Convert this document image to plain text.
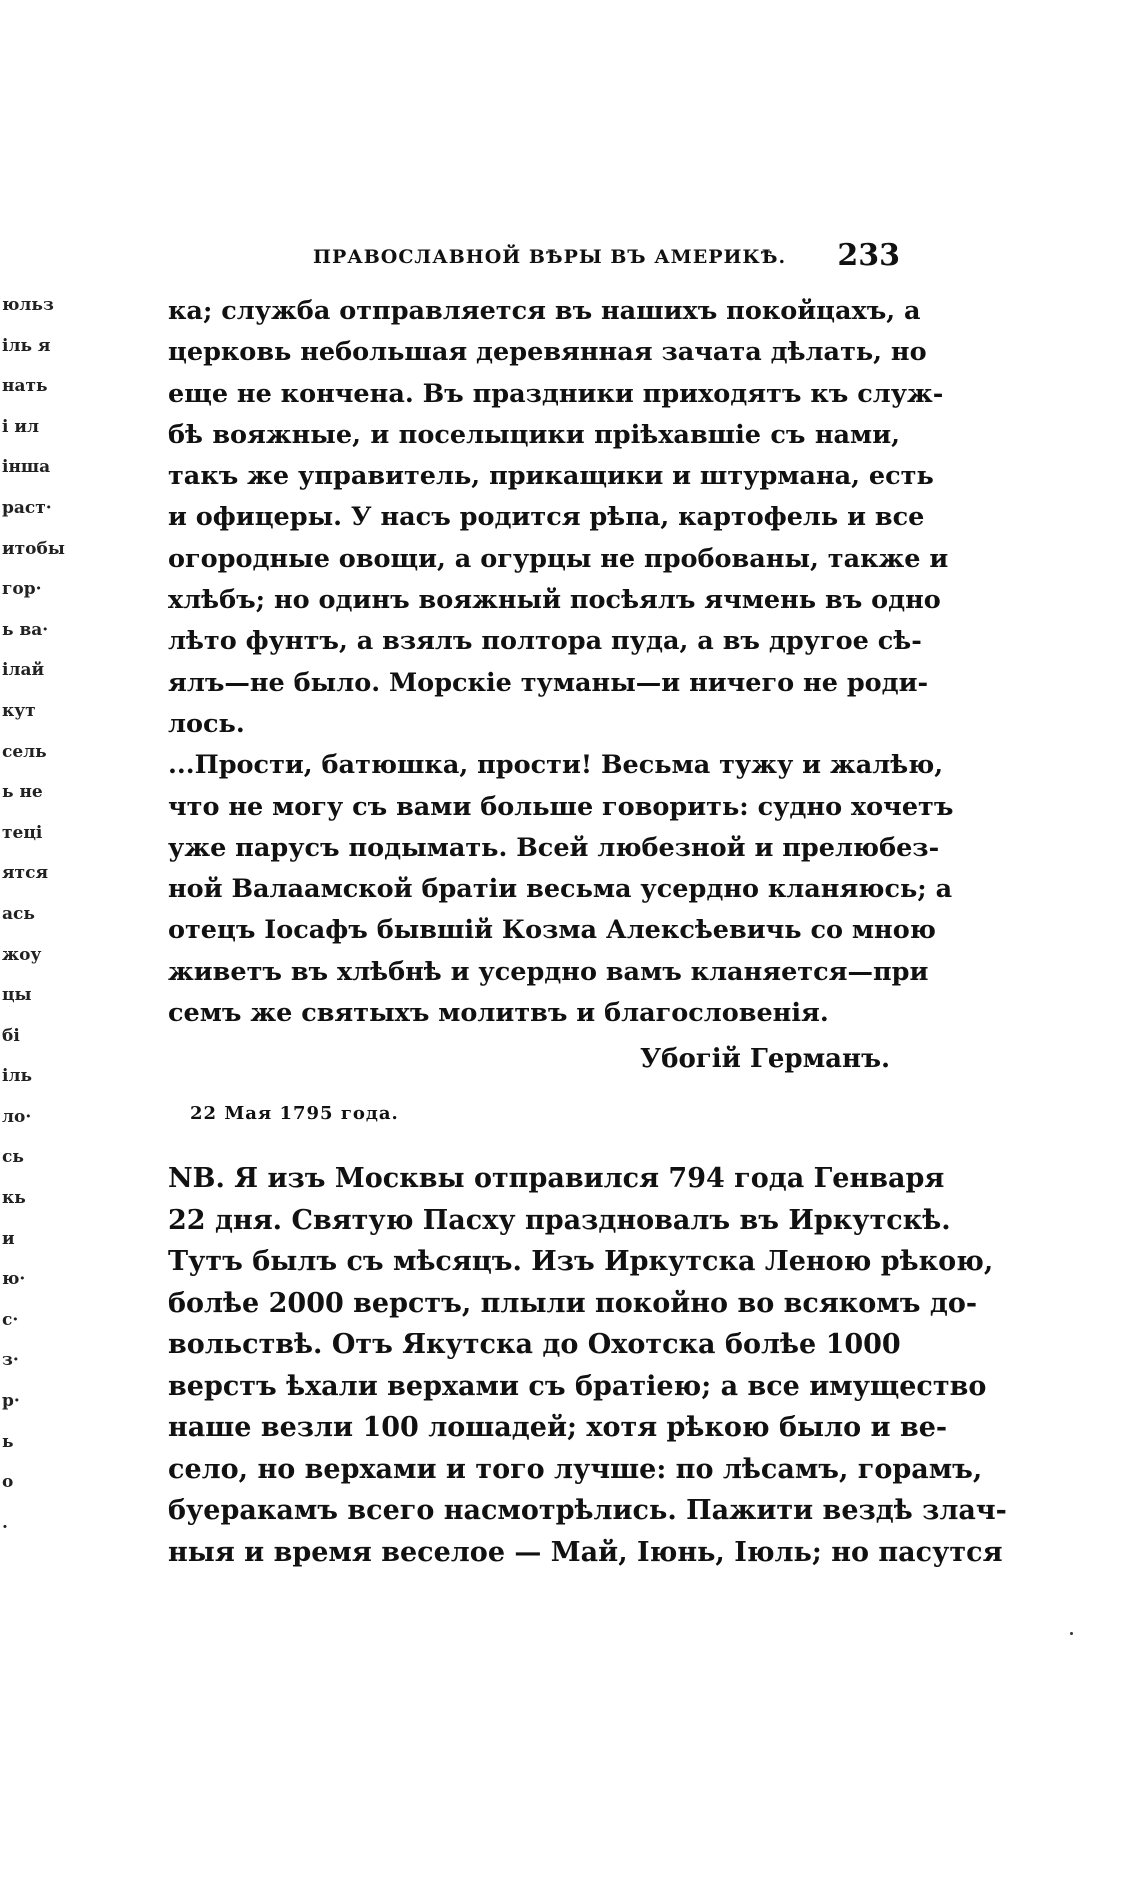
юльз
іль я
нать
і ил
інша
раст·
итобы
гор·
ь ва·
ілай
кут
сель
ь не
теці
ятся
ась
жоу
цы
бі
іль
ло·
сь
кь
и
ю·
с·
з·
р·
ь
о
.
ПРАВОСЛАВНОЙ ВѢРЫ ВЪ АМЕРИКѢ. 233
ка; служба отправляется въ нашихъ покойцахъ, а
церковь небольшая деревянная зачата дѣлать, но
еще не кончена. Въ праздники приходятъ къ служ-
бѣ вояжные, и поселыцики пріѣхавшіе съ нами,
такъ же управитель, прикащики и штурмана, есть
и офицеры. У насъ родится рѣпа, картофель и все
огородные овощи, а огурцы не пробованы, также и
хлѣбъ; но одинъ вояжный посѣялъ ячмень въ одно
лѣто фунтъ, а взялъ полтора пуда, а въ другое сѣ-
ялъ—не было. Морскіе туманы—и ничего не роди-
лось.
...Прости, батюшка, прости! Весьма тужу и жалѣю,
что не могу съ вами больше говорить: судно хочетъ
уже парусъ подымать. Всей любезной и прелюбез-
ной Валаамской братіи весьма усердно кланяюсь; а
отецъ Іосафъ бывшій Козма Алексѣевичь со мною
живетъ въ хлѣбнѣ и усердно вамъ кланяется—при
семъ же святыхъ молитвъ и благословенія.
Убогій Германъ.
22 Мая 1795 года.
NB. Я изъ Москвы отправился 794 года Генваря
22 дня. Святую Пасху праздновалъ въ Иркутскѣ.
Тутъ былъ съ мѣсяцъ. Изъ Иркутска Леною рѣкою,
болѣе 2000 верстъ, плыли покойно во всякомъ до-
вольствѣ. Отъ Якутска до Охотска болѣе 1000
верстъ ѣхали верхами съ братіею; а все имущество
наше везли 100 лошадей; хотя рѣкою было и ве-
село, но верхами и того лучше: по лѣсамъ, горамъ,
буеракамъ всего насмотрѣлись. Пажити вездѣ злач-
ныя и время веселое — Май, Іюнь, Іюль; но пасутся
